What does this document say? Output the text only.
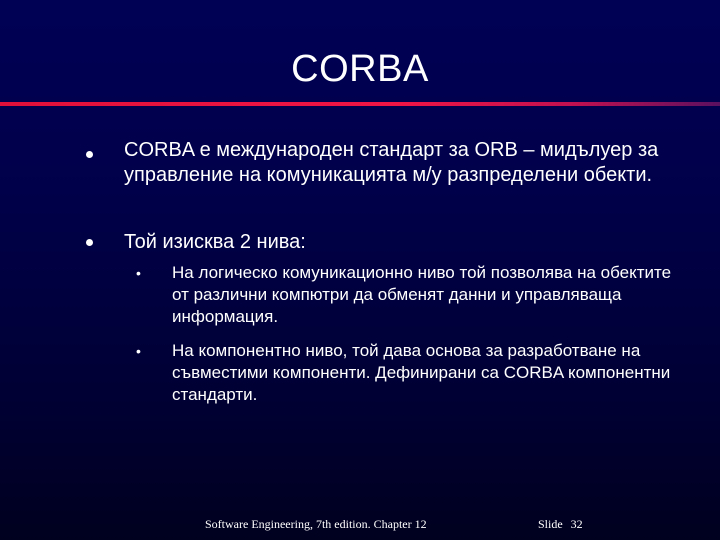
CORBA
CORBA е международен стандарт за ORB – мидълуер за управление на комуникацията м/у разпределени обекти.
Той изисква 2 нива:
• На логическо комуникационно ниво той позволява на обектите от различни компютри да обменят данни и управляваща информация.
• На компонентно ниво, той дава основа за разработване на съвместими компоненти. Дефинирани са CORBA компонентни стандарти.
Software Engineering, 7th edition. Chapter 12	Slide 32
